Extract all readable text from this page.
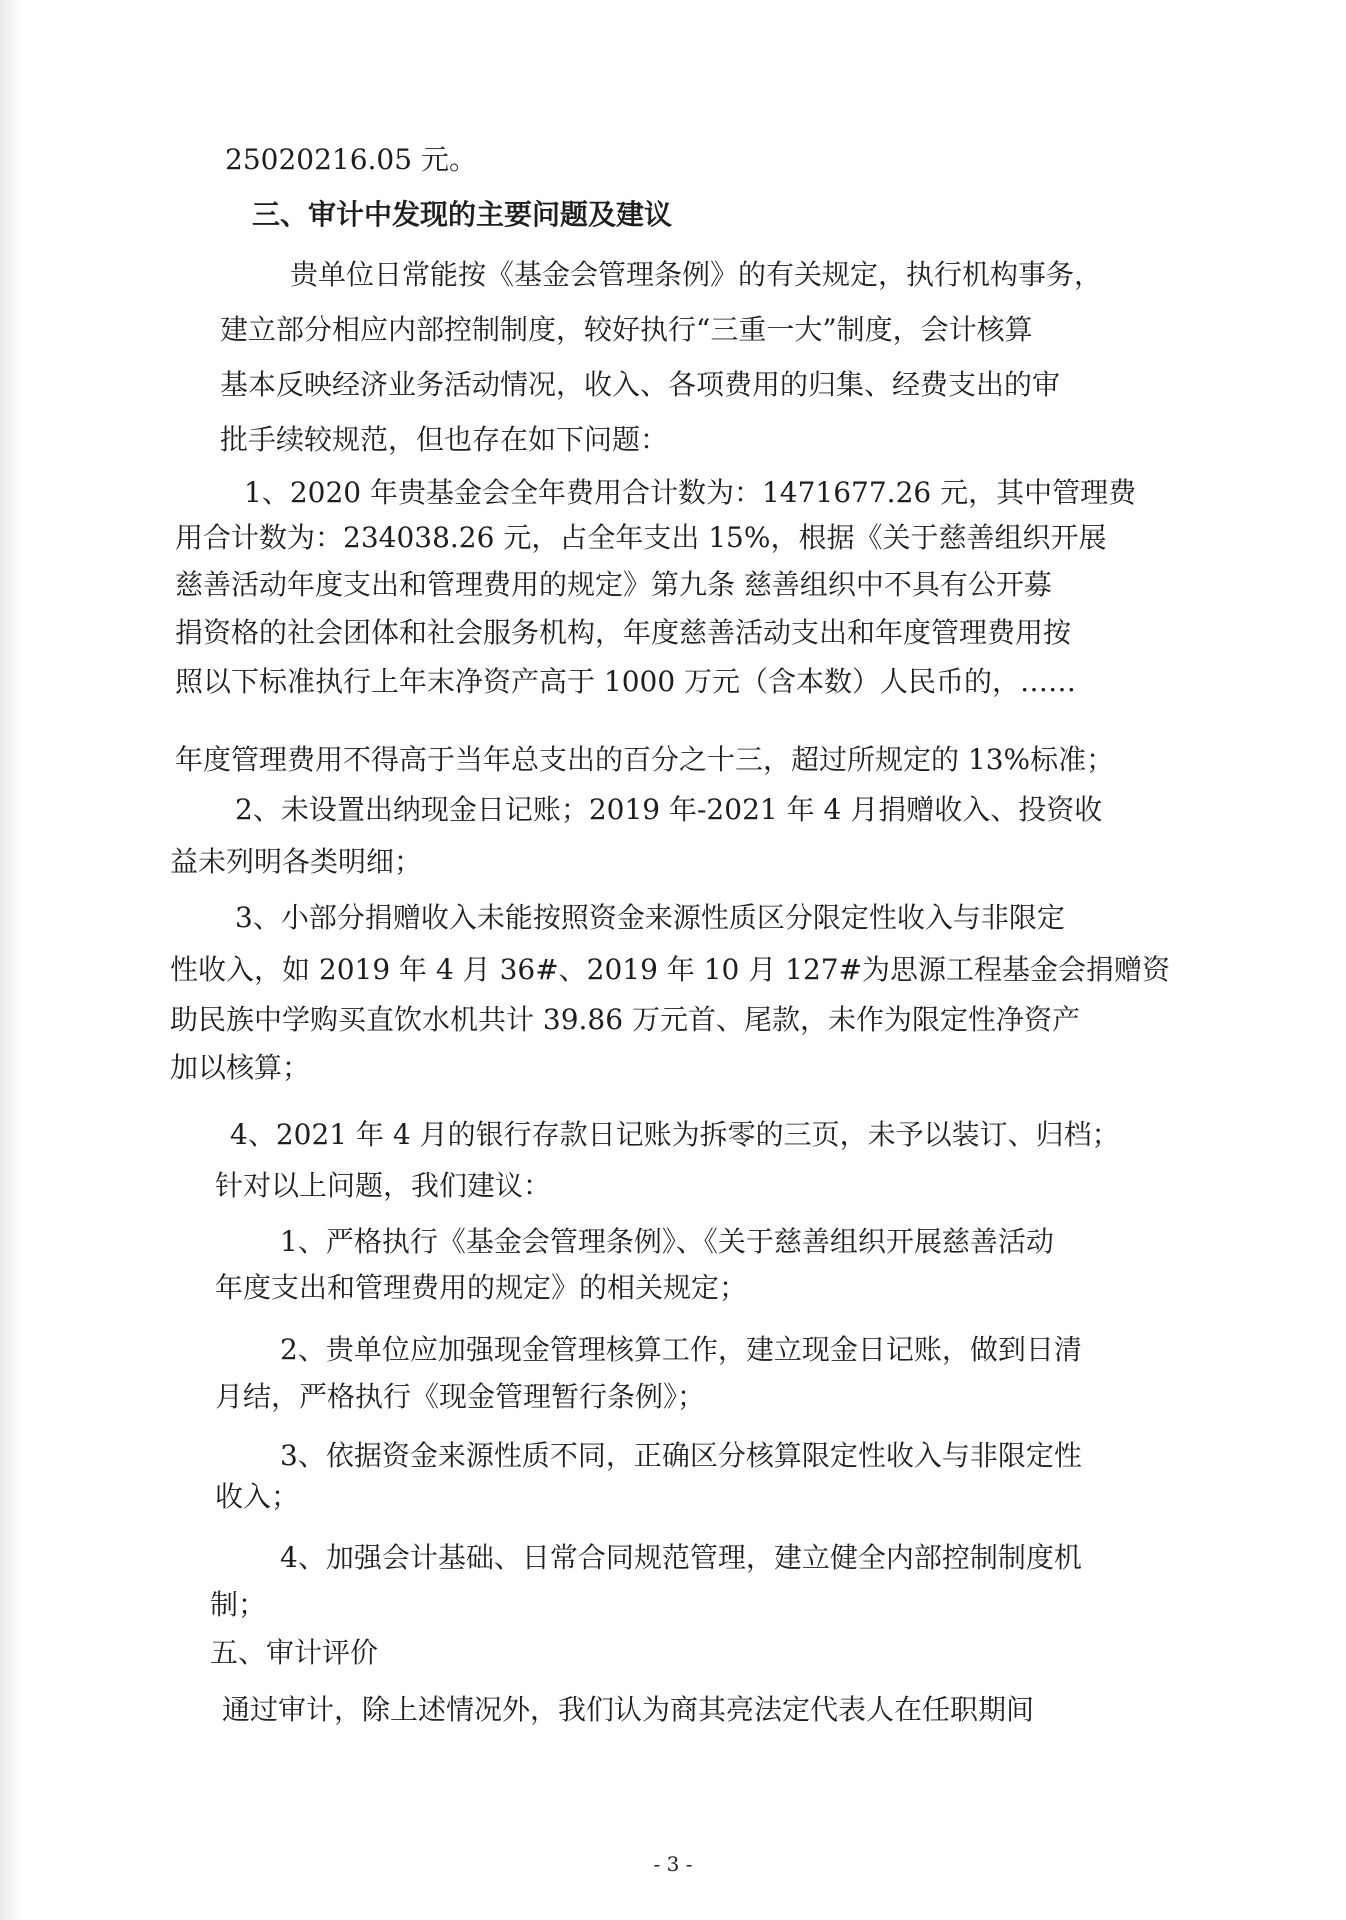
25020216.05 元。
三、审计中发现的主要问题及建议
贵单位日常能按《基金会管理条例》的有关规定，执行机构事务，
建立部分相应内部控制制度，较好执行“三重一大”制度，会计核算
基本反映经济业务活动情况，收入、各项费用的归集、经费支出的审
批手续较规范，但也存在如下问题：
1、2020 年贵基金会全年费用合计数为：1471677.26 元，其中管理费
用合计数为：234038.26 元，占全年支出 15%，根据《关于慈善组织开展
慈善活动年度支出和管理费用的规定》第九条 慈善组织中不具有公开募
捐资格的社会团体和社会服务机构，年度慈善活动支出和年度管理费用按
照以下标准执行上年末净资产高于 1000 万元（含本数）人民币的，……
年度管理费用不得高于当年总支出的百分之十三，超过所规定的 13%标准；
2、未设置出纳现金日记账；2019 年-2021 年 4 月捐赠收入、投资收
益未列明各类明细；
3、小部分捐赠收入未能按照资金来源性质区分限定性收入与非限定
性收入，如 2019 年 4 月 36#、2019 年 10 月 127#为思源工程基金会捐赠资
助民族中学购买直饮水机共计 39.86 万元首、尾款，未作为限定性净资产
加以核算；
4、2021 年 4 月的银行存款日记账为拆零的三页，未予以装订、归档；
针对以上问题，我们建议：
1、严格执行《基金会管理条例》、《关于慈善组织开展慈善活动
年度支出和管理费用的规定》的相关规定；
2、贵单位应加强现金管理核算工作，建立现金日记账，做到日清
月结，严格执行《现金管理暂行条例》；
3、依据资金来源性质不同，正确区分核算限定性收入与非限定性
收入；
4、加强会计基础、日常合同规范管理，建立健全内部控制制度机
制；
五、审计评价
通过审计，除上述情况外，我们认为商其亮法定代表人在任职期间
- 3 -
